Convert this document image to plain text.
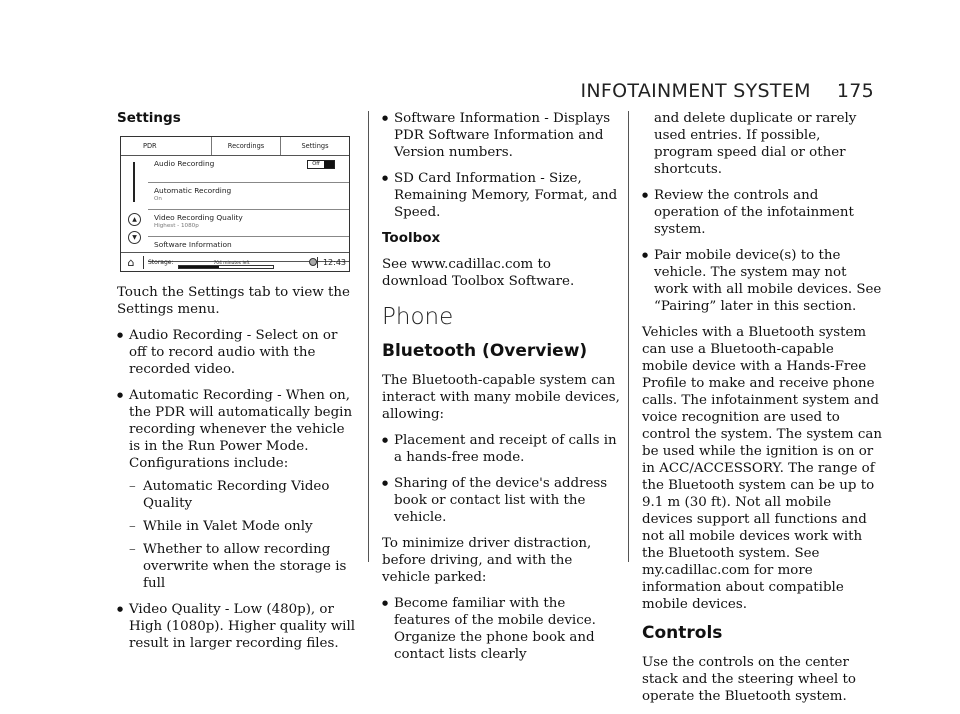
INFOTAINMENT SYSTEM 175
Settings
PDR	Recordings	Settings
▲
▼
Audio Recording	Off
Automatic Recording
On
Video Recording Quality
Highest - 1080p
Software Information
⌂	Storage:	704 minutes left	12:43

Touch the Settings tab to view the Settings menu.

● Audio Recording - Select on or off to record audio with the recorded video.
● Automatic Recording - When on, the PDR will automatically begin recording whenever the vehicle is in the Run Power Mode. Configurations include:
– Automatic Recording Video Quality
– While in Valet Mode only
– Whether to allow recording overwrite when the storage is full
● Video Quality - Low (480p), or High (1080p). Higher quality will result in larger recording files.
● Software Information - Displays PDR Software Information and Version numbers.
● SD Card Information - Size, Remaining Memory, Format, and Speed.
Toolbox

See www.cadillac.com to download Toolbox Software.

Phone
Bluetooth (Overview)

The Bluetooth-capable system can interact with many mobile devices, allowing:

● Placement and receipt of calls in a hands-free mode.
● Sharing of the device's address book or contact list with the vehicle.

To minimize driver distraction, before driving, and with the vehicle parked:

● Become familiar with the features of the mobile device. Organize the phone book and contact lists clearly

and delete duplicate or rarely used entries. If possible, program speed dial or other shortcuts.

● Review the controls and operation of the infotainment system.
● Pair mobile device(s) to the vehicle. The system may not work with all mobile devices. See “Pairing” later in this section.

Vehicles with a Bluetooth system can use a Bluetooth-capable mobile device with a Hands-Free Profile to make and receive phone calls. The infotainment system and voice recognition are used to control the system. The system can be used while the ignition is on or in ACC/ACCESSORY. The range of the Bluetooth system can be up to 9.1 m (30 ft). Not all mobile devices support all functions and not all mobile devices work with the Bluetooth system. See my.cadillac.com for more information about compatible mobile devices.

Controls

Use the controls on the center stack and the steering wheel to operate the Bluetooth system.
